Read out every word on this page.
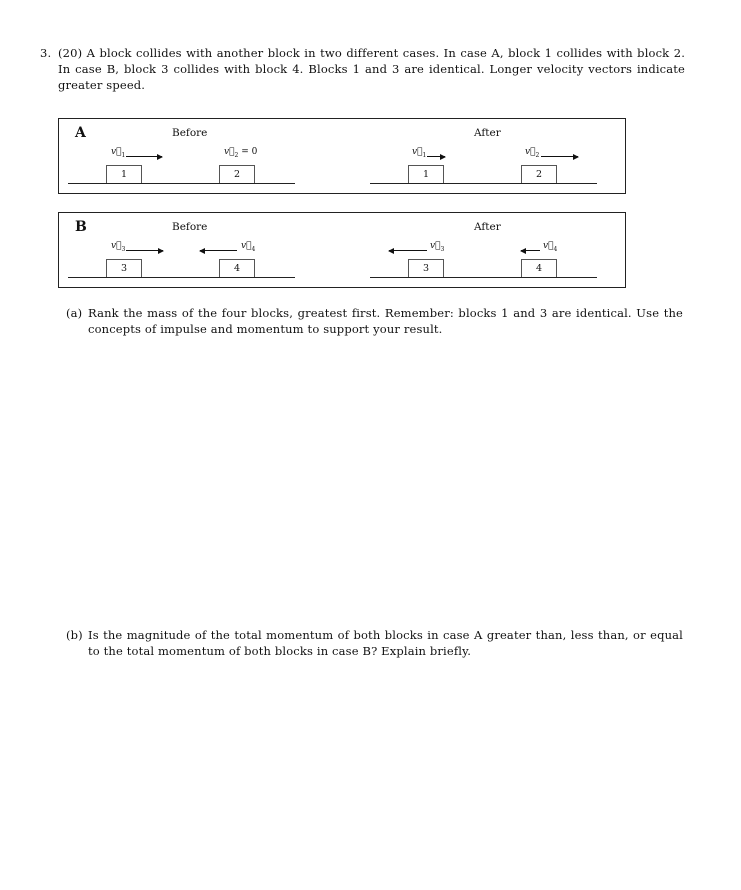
3. (20) A block collides with another block in two different cases. In case A, block 1 collides with block 2. In case B, block 3 collides with block 4. Blocks 1 and 3 are identical. Longer velocity vectors indicate greater speed.
A	Before	After
$v_1$	$v_2 = 0$
1	2
$v_1$	$v_2$
1	2
B	Before	After
$v_3$	$v_4$
3	4
$v_3$	$v_4$
3	4
(a) Rank the mass of the four blocks, greatest first. Remember: blocks 1 and 3 are identical. Use the concepts of impulse and momentum to support your result.
(b) Is the magnitude of the total momentum of both blocks in case A greater than, less than, or equal to the total momentum of both blocks in case B? Explain briefly.
